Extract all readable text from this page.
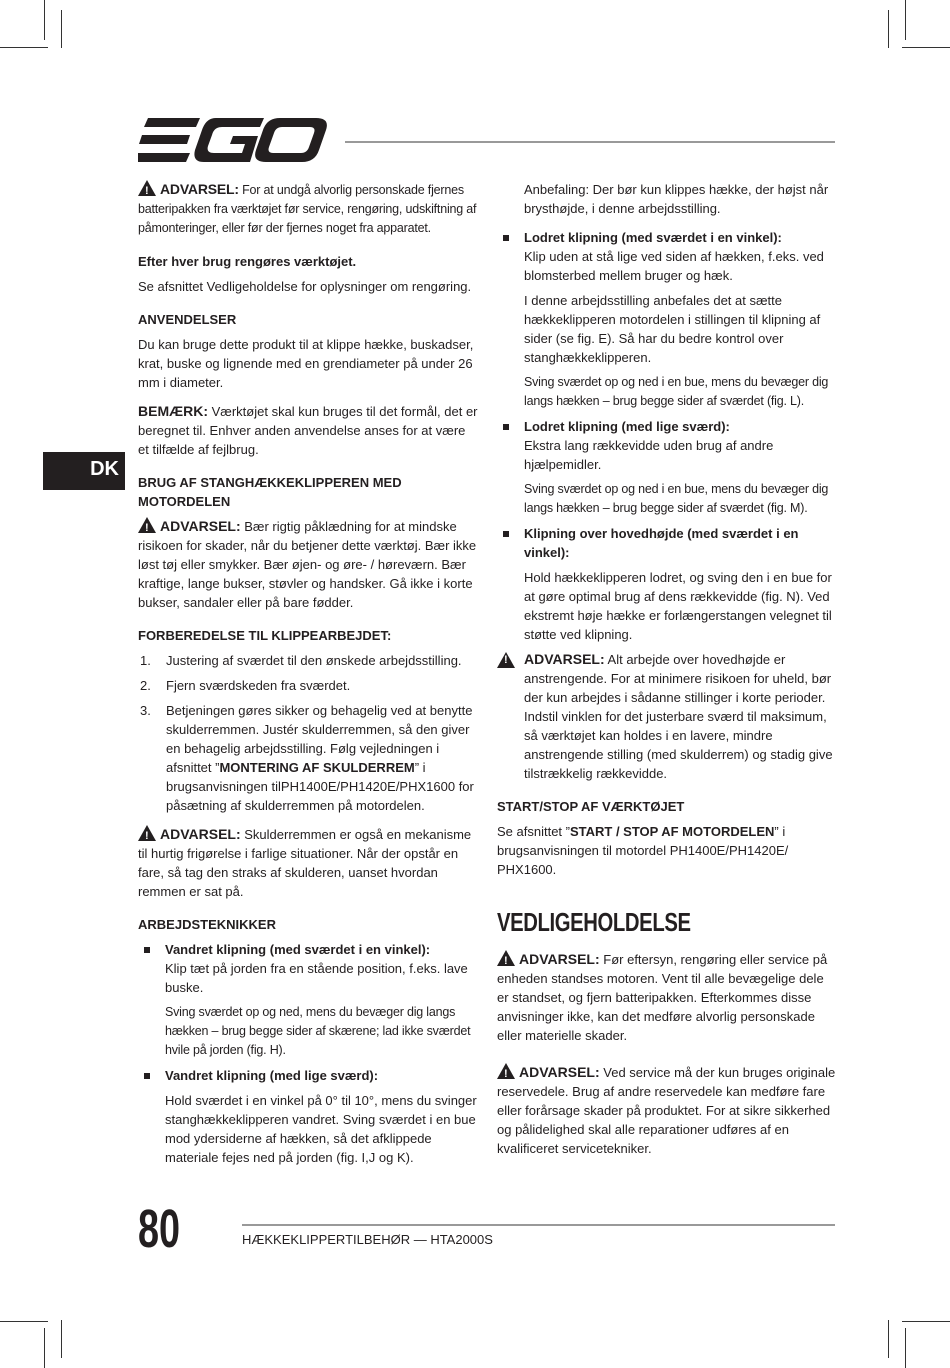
DK

!ADVARSEL: For at undgå alvorlig personskade fjernes batteripakken fra værktøjet før service, rengøring, udskiftning af påmonteringer, eller før der fjernes noget fra apparatet.

Efter hver brug rengøres værktøjet.

Se afsnittet Vedligeholdelse for oplysninger om rengøring.

ANVENDELSER

Du kan bruge dette produkt til at klippe hække, buskadser, krat, buske og lignende med en grendiameter på under 26 mm i diameter.

BEMÆRK: Værktøjet skal kun bruges til det formål, det er beregnet til. Enhver anden anvendelse anses for at være et tilfælde af fejlbrug.

BRUG AF STANGHÆKKEKLIPPEREN MED MOTORDELEN

!ADVARSEL: Bær rigtig påklædning for at mindske risikoen for skader, når du betjener dette værktøj. Bær ikke løst tøj eller smykker. Bær øjen- og øre- / høreværn. Bær kraftige, lange bukser, støvler og handsker. Gå ikke i korte bukser, sandaler eller på bare fødder.

FORBEREDELSE TIL KLIPPEARBEJDET:
1. Justering af sværdet til den ønskede arbejdsstilling.
2. Fjern sværdskeden fra sværdet.
3. Betjeningen gøres sikker og behagelig ved at benytte skulderremmen. Justér skulderremmen, så den giver en behagelig arbejdsstilling. Følg vejledningen i afsnittet ”MONTERING AF SKULDERREM” i brugsanvisningen tilPH1400E/PH1420E/PHX1600 for påsætning af skulderremmen på motordelen.

!ADVARSEL: Skulderremmen er også en mekanisme til hurtig frigørelse i farlige situationer. Når der opstår en fare, så tag den straks af skulderen, uanset hvordan remmen er sat på.

ARBEJDSTEKNIKKER

Vandret klipning (med sværdet i en vinkel):
Klip tæt på jorden fra en stående position, f.eks. lave buske.

Sving sværdet op og ned, mens du bevæger dig langs hækken – brug begge sider af skærene; lad ikke sværdet hvile på jorden (fig. H).

Vandret klipning (med lige sværd):

Hold sværdet i en vinkel på 0° til 10°, mens du svinger stanghækkeklipperen vandret. Sving sværdet i en bue mod ydersiderne af hækken, så det afklippede materiale fejes ned på jorden (fig. I,J og K).

Anbefaling: Der bør kun klippes hække, der højst når brysthøjde, i denne arbejdsstilling.

Lodret klipning (med sværdet i en vinkel):
Klip uden at stå lige ved siden af hækken, f.eks. ved blomsterbed mellem bruger og hæk.

I denne arbejdsstilling anbefales det at sætte hækkeklipperen motordelen i stillingen til klipning af sider (se fig. E). Så har du bedre kontrol over stanghækkeklipperen.

Sving sværdet op og ned i en bue, mens du bevæger dig langs hækken – brug begge sider af sværdet (fig. L).

Lodret klipning (med lige sværd):
Ekstra lang rækkevidde uden brug af andre hjælpemidler.

Sving sværdet op og ned i en bue, mens du bevæger dig langs hækken – brug begge sider af sværdet (fig. M).

Klipning over hovedhøjde (med sværdet i en vinkel):

Hold hækkeklipperen lodret, og sving den i en bue for at gøre optimal brug af dens rækkevidde (fig. N). Ved ekstremt høje hække er forlængerstangen velegnet til støtte ved klipning.

!

ADVARSEL: Alt arbejde over hovedhøjde er anstrengende. For at minimere risikoen for uheld, bør der kun arbejdes i sådanne stillinger i korte perioder. Indstil vinklen for det justerbare sværd til maksimum, så værktøjet kan holdes i en lavere, mindre anstrengende stilling (med skulderrem) og stadig give tilstrækkelig rækkevidde.

START/STOP AF VÆRKTØJET

Se afsnittet ”START / STOP AF MOTORDELEN” i brugsanvisningen til motordel PH1400E/PH1420E/ PHX1600.

VEDLIGEHOLDELSE

!ADVARSEL: Før eftersyn, rengøring eller service på enheden standses motoren. Vent til alle bevægelige dele er standset, og fjern batteripakken. Efterkommes disse anvisninger ikke, kan det medføre alvorlig personskade eller materielle skader.

!ADVARSEL: Ved service må der kun bruges originale reservedele. Brug af andre reservedele kan medføre fare eller forårsage skader på produktet. For at sikre sikkerhed og pålidelighed skal alle reparationer udføres af en kvalificeret servicetekniker.

80	HÆKKEKLIPPERTILBEHØR — HTA2000S
